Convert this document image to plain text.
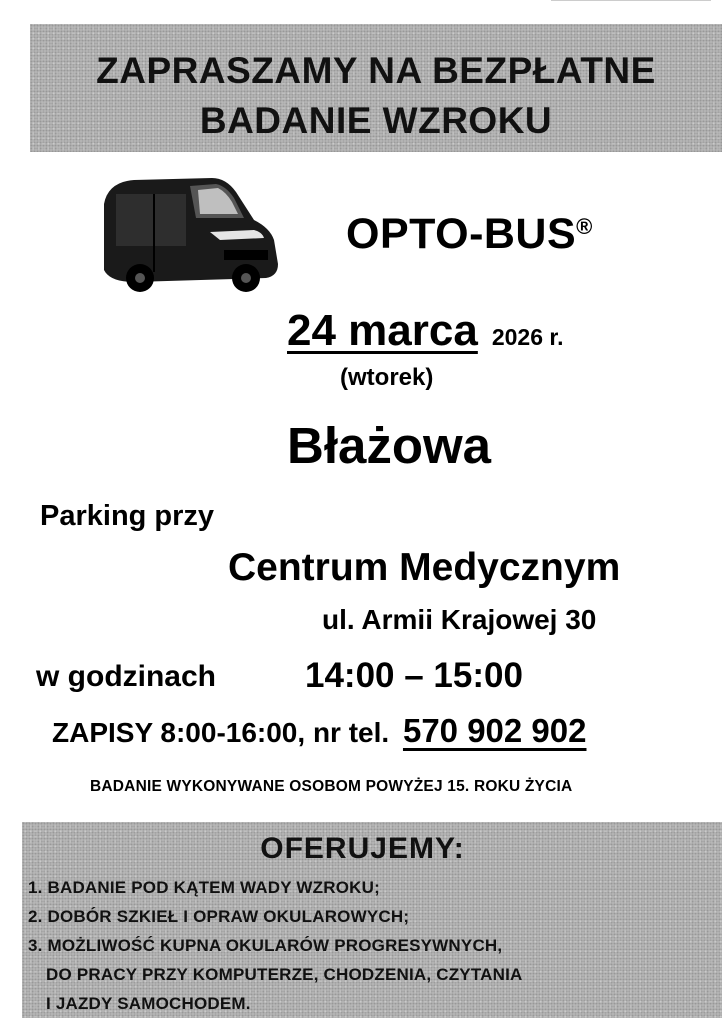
ZAPRASZAMY NA BEZPŁATNE
BADANIE WZROKU
OPTO-BUS®
24 marca 2026 r.
(wtorek)
Błażowa
Parking przy
Centrum Medycznym
ul. Armii Krajowej 30
w godzinach	14:00 – 15:00
ZAPISY 8:00-16:00, nr tel. 570 902 902
BADANIE WYKONYWANE OSOBOM POWYŻEJ 15. ROKU ŻYCIA
OFERUJEMY:
1. BADANIE POD KĄTEM WADY WZROKU;
2. DOBÓR SZKIEŁ I OPRAW OKULAROWYCH;
3. MOŻLIWOŚĆ KUPNA OKULARÓW PROGRESYWNYCH,
DO PRACY PRZY KOMPUTERZE, CHODZENIA, CZYTANIA
I JAZDY SAMOCHODEM.
